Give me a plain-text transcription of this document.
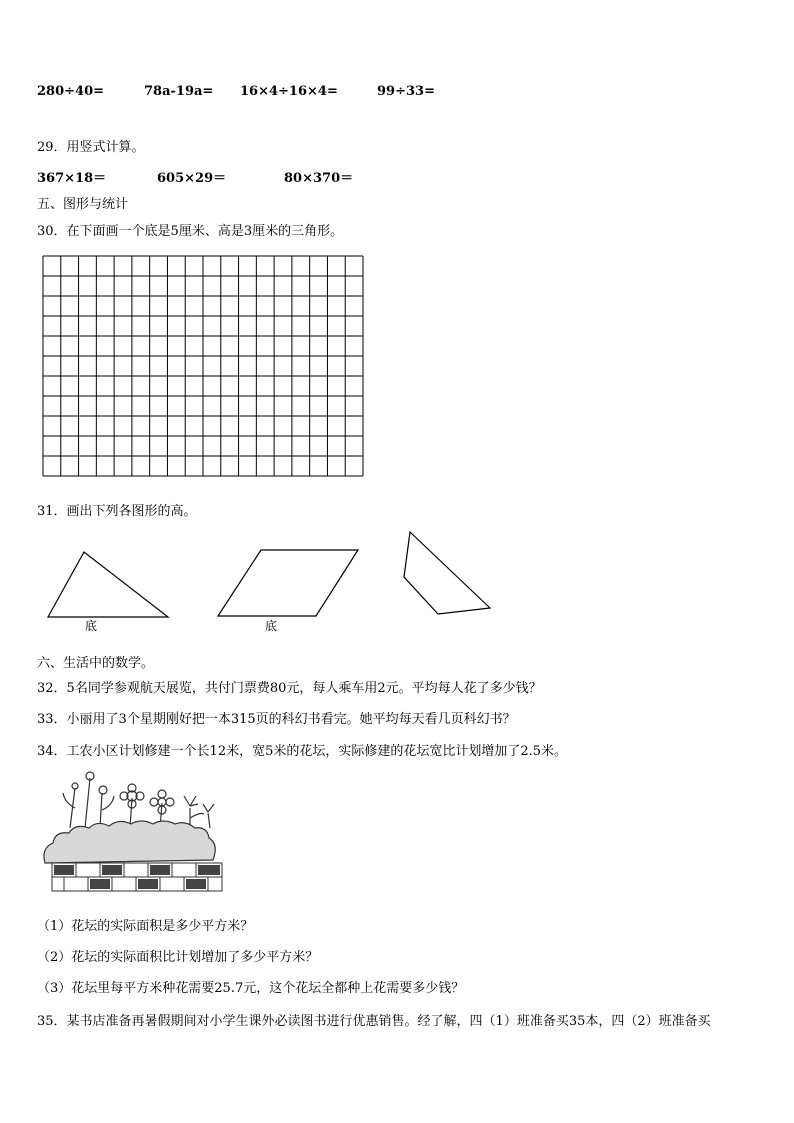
280÷40=	78a-19a= 16×4÷16×4=	99÷33=
29．用竖式计算。
367×18＝	605×29＝	80×370＝
五、图形与统计
30．在下面画一个底是5厘米、高是3厘米的三角形。
31．画出下列各图形的高。
底	底
六、生活中的数学。
32．5名同学参观航天展览，共付门票费80元，每人乘车用2元。平均每人花了多少钱？
33．小丽用了3个星期刚好把一本315页的科幻书看完。她平均每天看几页科幻书？
34．工农小区计划修建一个长12米，宽5米的花坛，实际修建的花坛宽比计划增加了2.5米。
（1）花坛的实际面积是多少平方米？
（2）花坛的实际面积比计划增加了多少平方米？
（3）花坛里每平方米种花需要25.7元，这个花坛全都种上花需要多少钱？
35．某书店准备再暑假期间对小学生课外必读图书进行优惠销售。经了解，四（1）班准备买35本，四（2）班准备买
